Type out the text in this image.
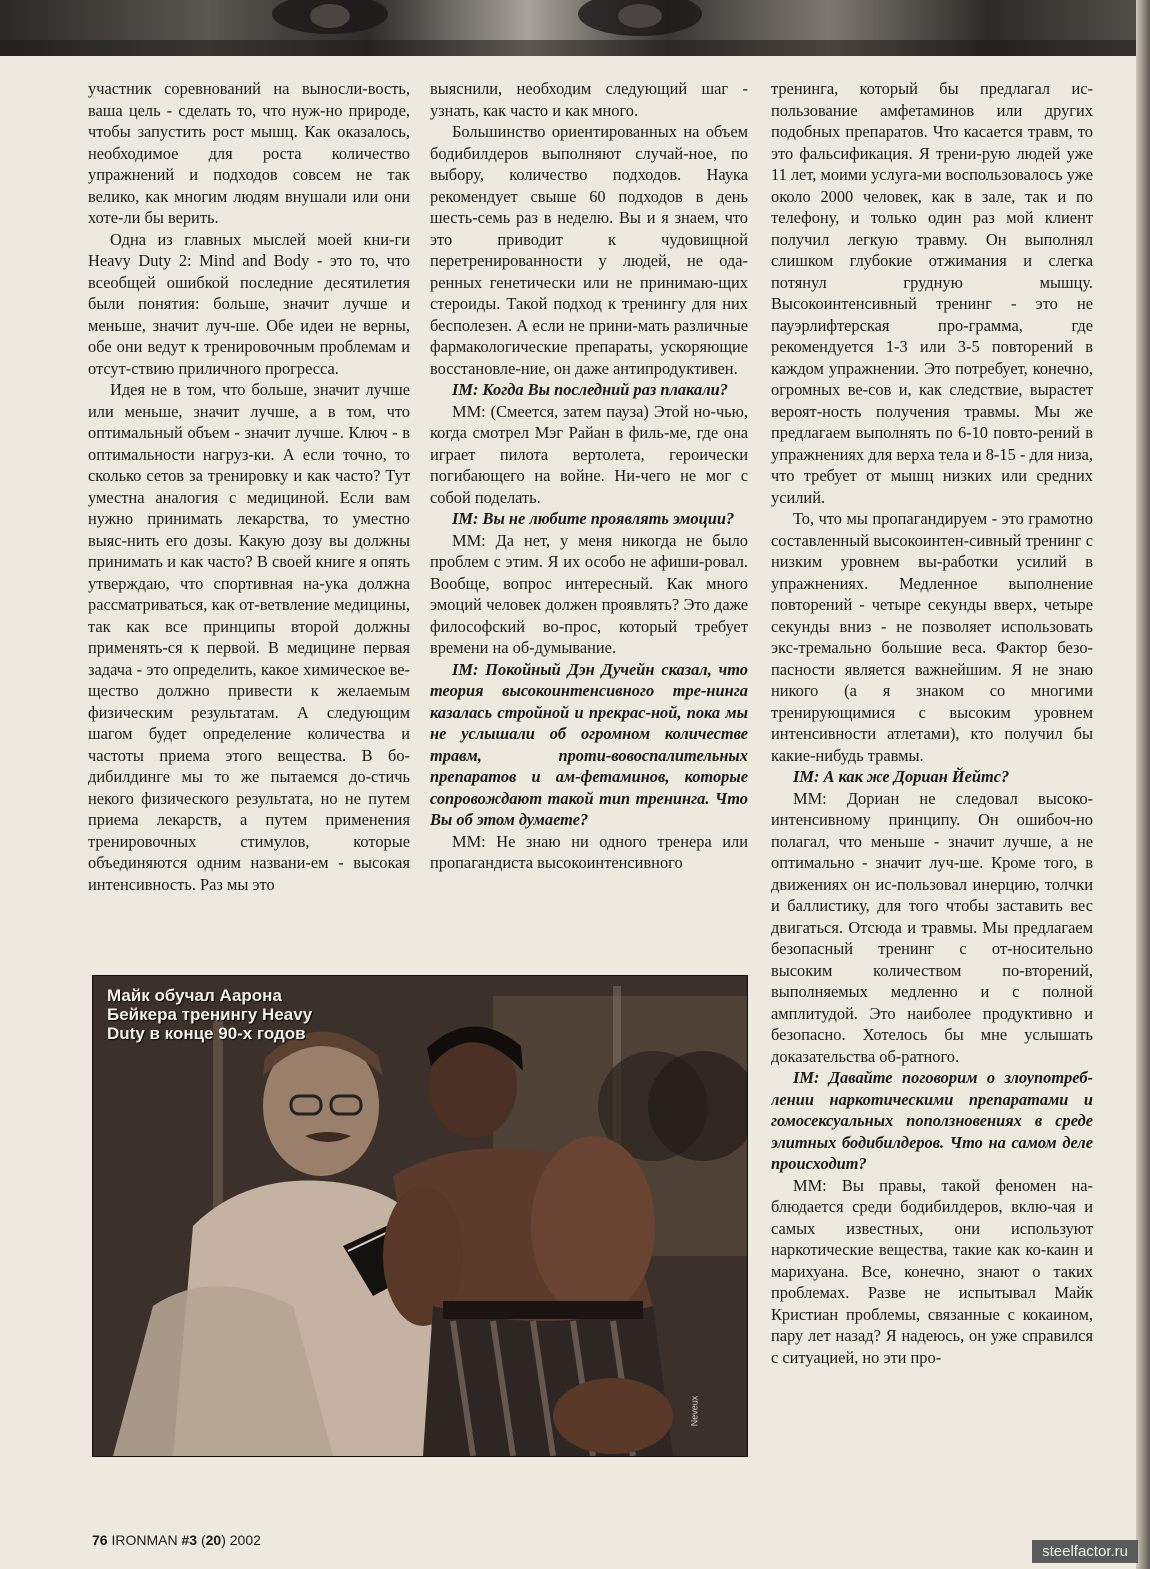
участник соревнований на выносли-вость, ваша цель - сделать то, что нуж-но природе, чтобы запустить рост мышц. Как оказалось, необходимое для роста количество упражнений и подходов совсем не так велико, как многим людям внушали или они хоте-ли бы верить.

Одна из главных мыслей моей кни-ги Heavy Duty 2: Mind and Body - это то, что всеобщей ошибкой последние десятилетия были понятия: больше, значит лучше и меньше, значит луч-ше. Обе идеи не верны, обе они ведут к тренировочным проблемам и отсут-ствию приличного прогресса.

Идея не в том, что больше, значит лучше или меньше, значит лучше, а в том, что оптимальный объем - значит лучше. Ключ - в оптимальности нагруз-ки. А если точно, то сколько сетов за тренировку и как часто? Тут уместна аналогия с медициной. Если вам нужно принимать лекарства, то уместно выяс-нить его дозы. Какую дозу вы должны принимать и как часто? В своей книге я опять утверждаю, что спортивная на-ука должна рассматриваться, как от-ветвление медицины, так как все принципы второй должны применять-ся к первой. В медицине первая задача - это определить, какое химическое ве-щество должно привести к желаемым физическим результатам. А следующим шагом будет определение количества и частоты приема этого вещества. В бо-дибилдинге мы то же пытаемся до-стичь некого физического результата, но не путем приема лекарств, а путем применения тренировочных стимулов, которые объединяются одним названи-ем - высокая интенсивность. Раз мы это

выяснили, необходим следующий шаг - узнать, как часто и как много.

Большинство ориентированных на объем бодибилдеров выполняют случай-ное, по выбору, количество подходов. Наука рекомендует свыше 60 подходов в день шесть-семь раз в неделю. Вы и я знаем, что это приводит к чудовищной перетренированности у людей, не ода-ренных генетически или не принимаю-щих стероиды. Такой подход к тренингу для них бесполезен. А если не прини-мать различные фармакологические препараты, ускоряющие восстановле-ние, он даже антипродуктивен.

IM: Когда Вы последний раз плакали?

MM: (Смеется, затем пауза) Этой но-чью, когда смотрел Мэг Райан в филь-ме, где она играет пилота вертолета, героически погибающего на войне. Ни-чего не мог с собой поделать.

IM: Вы не любите проявлять эмоции?

MM: Да нет, у меня никогда не было проблем с этим. Я их особо не афиши-ровал. Вообще, вопрос интересный. Как много эмоций человек должен проявлять? Это даже философский во-прос, который требует времени на об-думывание.

IM: Покойный Дэн Дучейн сказал, что теория высокоинтенсивного тре-нинга казалась стройной и прекрас-ной, пока мы не услышали об огромном количестве травм, проти-вовоспалительных препаратов и ам-фетаминов, которые сопровождают такой тип тренинга. Что Вы об этом думаете?

MM: Не знаю ни одного тренера или пропагандиста высокоинтенсивного

тренинга, который бы предлагал ис-пользование амфетаминов или других подобных препаратов. Что касается травм, то это фальсификация. Я трени-рую людей уже 11 лет, моими услуга-ми воспользовалось уже около 2000 человек, как в зале, так и по телефону, и только один раз мой клиент получил легкую травму. Он выполнял слишком глубокие отжимания и слегка потянул грудную мышцу. Высокоинтенсивный тренинг - это не пауэрлифтерская про-грамма, где рекомендуется 1-3 или 3-5 повторений в каждом упражнении. Это потребует, конечно, огромных ве-сов и, как следствие, вырастет вероят-ность получения травмы. Мы же предлагаем выполнять по 6-10 повто-рений в упражнениях для верха тела и 8-15 - для низа, что требует от мышц низких или средних усилий.

То, что мы пропагандируем - это грамотно составленный высокоинтен-сивный тренинг с низким уровнем вы-работки усилий в упражнениях. Медленное выполнение повторений - четыре секунды вверх, четыре секунды вниз - не позволяет использовать экс-тремально большие веса. Фактор безо-пасности является важнейшим. Я не знаю никого (а я знаком со многими тренирующимися с высоким уровнем интенсивности атлетами), кто получил бы какие-нибудь травмы.

IM: А как же Дориан Йейтс?

MM: Дориан не следовал высоко-интенсивному принципу. Он ошибоч-но полагал, что меньше - значит лучше, а не оптимально - значит луч-ше. Кроме того, в движениях он ис-пользовал инерцию, толчки и баллистику, для того чтобы заставить вес двигаться. Отсюда и травмы. Мы предлагаем безопасный тренинг с от-носительно высоким количеством по-вторений, выполняемых медленно и с полной амплитудой. Это наиболее продуктивно и безопасно. Хотелось бы мне услышать доказательства об-ратного.

IM: Давайте поговорим о злоупотреб-лении наркотическими препаратами и гомосексуальных поползновениях в среде элитных бодибилдеров. Что на самом деле происходит?

MM: Вы правы, такой феномен на-блюдается среди бодибилдеров, вклю-чая и самых известных, они используют наркотические вещества, такие как ко-каин и марихуана. Все, конечно, знают о таких проблемах. Разве не испытывал Майк Кристиан проблемы, связанные с кокаином, пару лет назад? Я надеюсь, он уже справился с ситуацией, но эти про-

Майк обучал Аарона Бейкера тренингу Heavy Duty в конце 90-х годов
Neveux
76 IRONMAN #3 (20) 2002
steelfactor.ru
